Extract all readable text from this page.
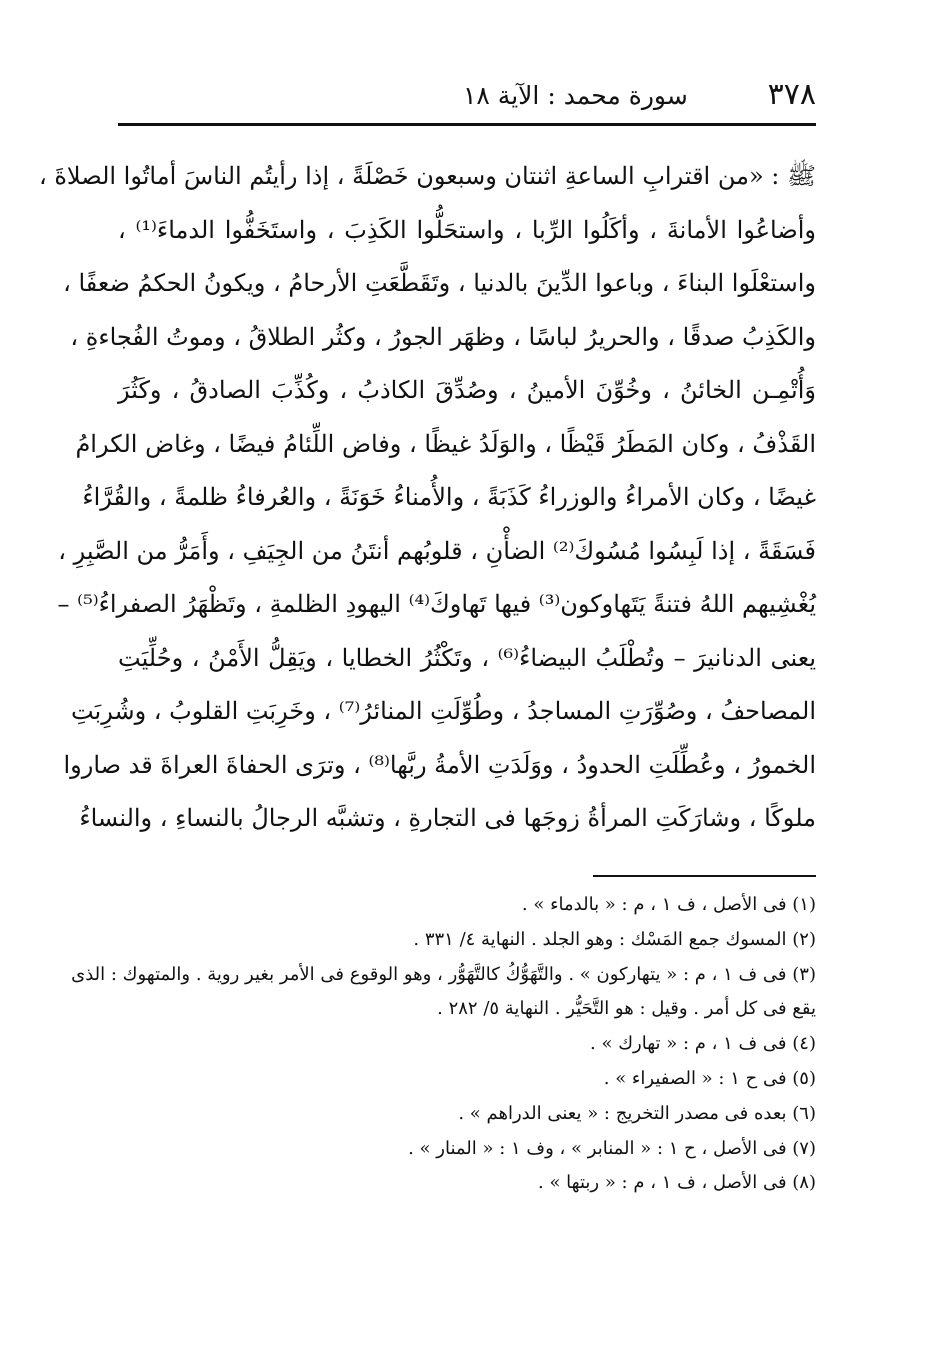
٣٧٨
سورة محمد : الآية ١٨
ﷺ : «من اقترابِ الساعةِ اثنتان وسبعون خَصْلَةً ، إذا رأيتُم الناسَ أماتُوا الصلاةَ ،
وأضاعُوا الأمانةَ ، وأكَلُوا الرِّبا ، واستحَلُّوا الكَذِبَ ، واستَخَفُّوا الدماءَ⁽¹⁾ ،
واستعْلَوا البناءَ ، وباعوا الدِّينَ بالدنيا ، وتَقَطَّعَتِ الأرحامُ ، ويكونُ الحكمُ ضعفًا ،
والكَذِبُ صدقًا ، والحريرُ لباسًا ، وظهَر الجورُ ، وكثُر الطلاقُ ، وموتُ الفُجاءةِ ،
وَأُتْمِـن الخائنُ ، وخُوِّنَ الأمينُ ، وصُدِّقَ الكاذبُ ، وكُذِّبَ الصادقُ ، وكَثُرَ
القَذْفُ ، وكان المَطَرُ قَيْظًا ، والوَلَدُ غيظًا ، وفاض اللِّئامُ فيضًا ، وغاض الكرامُ
غيضًا ، وكان الأمراءُ والوزراءُ كَذَبَةً ، والأُمناءُ خَوَنَةً ، والعُرفاءُ ظلمةً ، والقُرَّاءُ
فَسَقَةً ، إذا لَبِسُوا مُسُوكَ⁽²⁾ الضأْنِ ، قلوبُهم أنتَنُ من الجِيَفِ ، وأَمَرُّ من الصَّبِرِ ،
يُغْشِيهم اللهُ فتنةً يَتَهاوكون⁽³⁾ فيها تَهاوكَ⁽⁴⁾ اليهودِ الظلمةِ ، وتَظْهَرُ الصفراءُ⁽⁵⁾ –
يعنى الدنانيرَ – وتُطْلَبُ البيضاءُ⁽⁶⁾ ، وتَكْثُرُ الخطايا ، ويَقِلُّ الأَمْنُ ، وحُلِّيَتِ
المصاحفُ ، وصُوِّرَتِ المساجدُ ، وطُوِّلَتِ المنائرُ⁽⁷⁾ ، وخَرِبَتِ القلوبُ ، وشُرِبَتِ
الخمورُ ، وعُطِّلَتِ الحدودُ ، ووَلَدَتِ الأمةُ ربَّها⁽⁸⁾ ، وترَى الحفاةَ العراةَ قد صاروا
ملوكًا ، وشارَكَتِ المرأةُ زوجَها فى التجارةِ ، وتشبَّه الرجالُ بالنساءِ ، والنساءُ
(١) فى الأصل ، ف ١ ، م : « بالدماء » .
(٢) المسوك جمع المَسْك : وهو الجلد . النهاية ٤/ ٣٣١ .
(٣) فى ف ١ ، م : « يتهاركون » . والتَّهَوُّكُ كالتَّهَوُّر ، وهو الوقوع فى الأمر بغير روية . والمتهوك : الذى
يقع فى كل أمر . وقيل : هو التَّحَيُّر . النهاية ٥/ ٢٨٢ .
(٤) فى ف ١ ، م : « تهارك » .
(٥) فى ح ١ : « الصفيراء » .
(٦) بعده فى مصدر التخريج : « يعنى الدراهم » .
(٧) فى الأصل ، ح ١ : « المنابر » ، وف ١ : « المنار » .
(٨) فى الأصل ، ف ١ ، م : « ربتها » .
